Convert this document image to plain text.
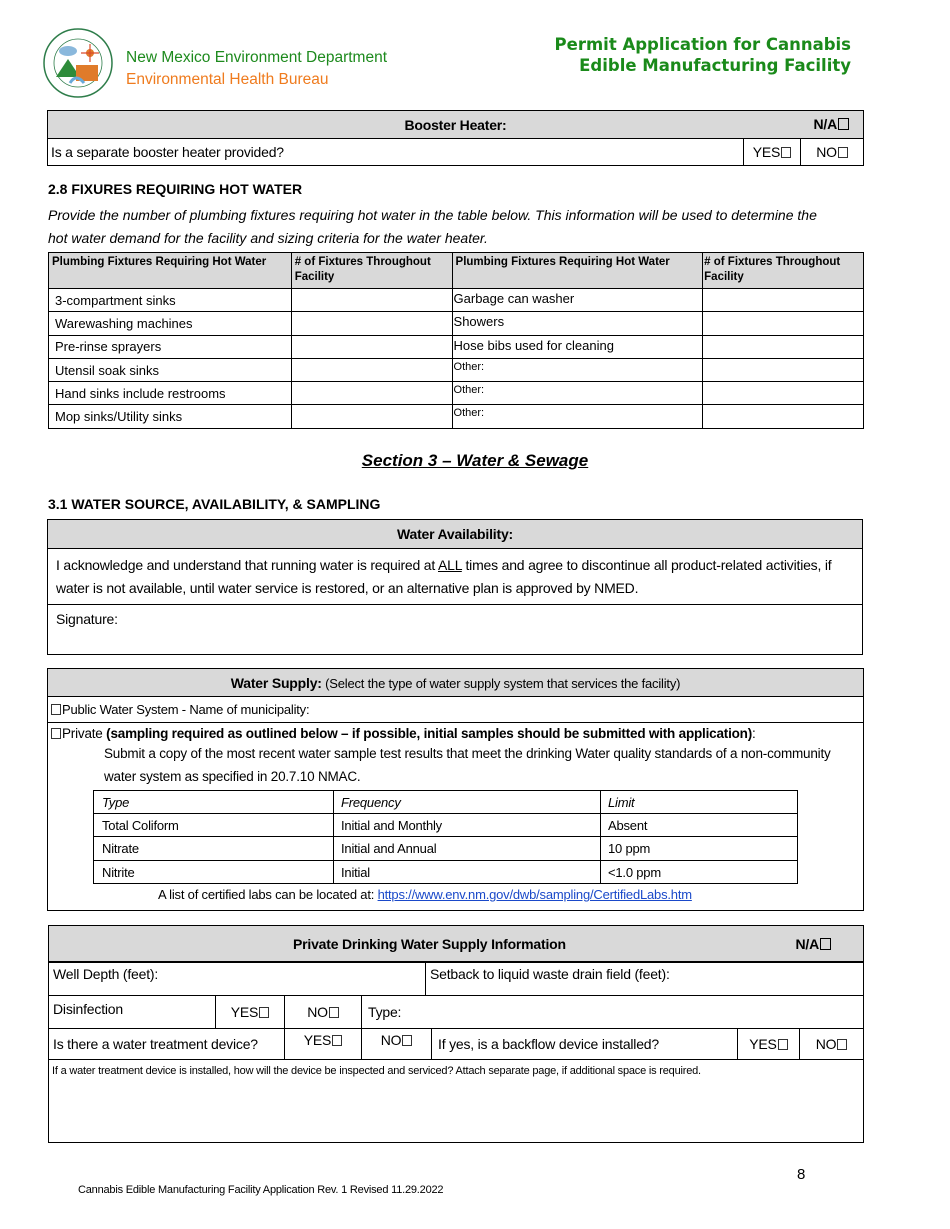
New Mexico Environment Department
Environmental Health Bureau
Permit Application for Cannabis
Edible Manufacturing Facility
Booster Heater:	N/A

Is a separate booster heater provided?	YES	NO
2.8 FIXURES REQUIRING HOT WATER
Provide the number of plumbing fixtures requiring hot water in the table below. This information will be used to determine the hot water demand for the facility and sizing criteria for the water heater.
Plumbing Fixtures Requiring Hot Water	# of Fixtures Throughout Facility	Plumbing Fixtures Requiring Hot Water	# of Fixtures Throughout Facility
3-compartment sinks		Garbage can washer	
Warewashing machines		Showers	
Pre-rinse sprayers		Hose bibs used for cleaning	
Utensil soak sinks		Other:	
Hand sinks include restrooms		Other:	
Mop sinks/Utility sinks		Other:	
Section 3 – Water & Sewage
3.1 WATER SOURCE, AVAILABILITY, & SAMPLING
Water Availability:
I acknowledge and understand that running water is required at ALL times and agree to discontinue all product-related activities, if water is not available, until water service is restored, or an alternative plan is approved by NMED.
Signature:
Water Supply: (Select the type of water supply system that services the facility)
Public Water System - Name of municipality:

Private (sampling required as outlined below – if possible, initial samples should be submitted with application):
Submit a copy of the most recent water sample test results that meet the drinking Water quality standards of a non-community water system as specified in 20.7.10 NMAC.
Type	Frequency	Limit
Total Coliform	Initial and Monthly	Absent
Nitrate	Initial and Annual	10 ppm
Nitrite	Initial	<1.0 ppm
A list of certified labs can be located at: https://www.env.nm.gov/dwb/sampling/CertifiedLabs.htm
Private Drinking Water Supply Information	N/A
Well Depth (feet):	Setback to liquid waste drain field (feet):
Disinfection	YES	NO	Type:
Is there a water treatment device?	YES	NO	If yes, is a backflow device installed?	YES	NO
If a water treatment device is installed, how will the device be inspected and serviced? Attach separate page, if additional space is required.
Cannabis Edible Manufacturing Facility Application Rev. 1 Revised 11.29.2022
8
